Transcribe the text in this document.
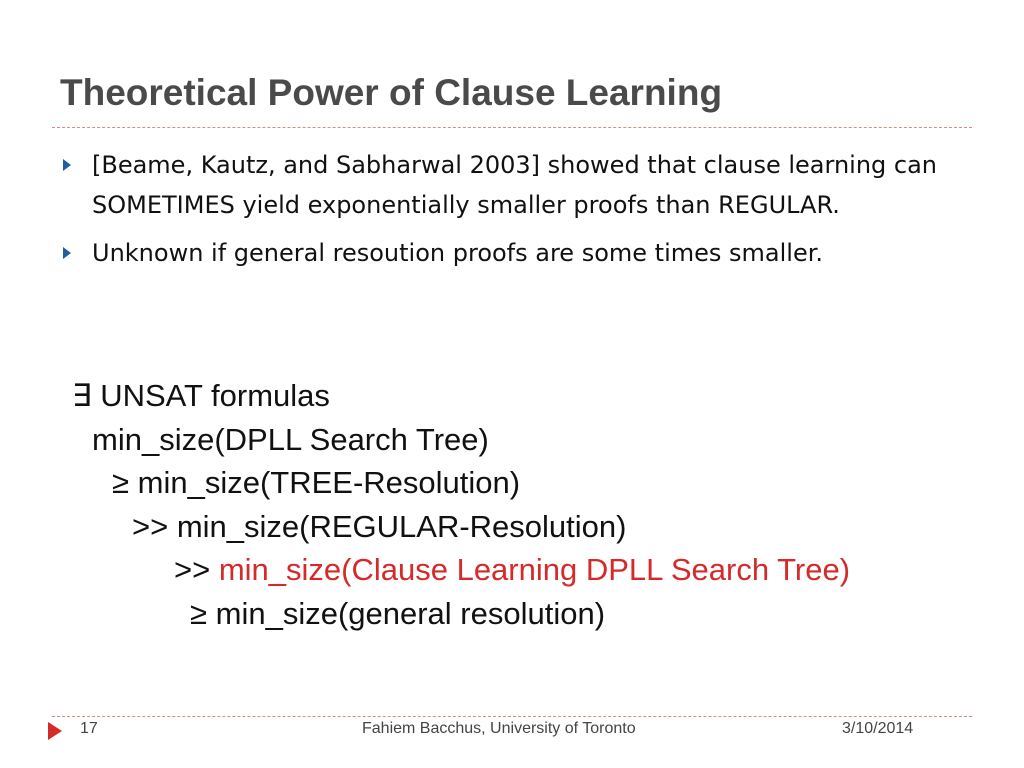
Theoretical Power of Clause Learning
[Beame, Kautz, and Sabharwal 2003] showed that clause learning can SOMETIMES yield exponentially smaller proofs than REGULAR.
Unknown if general resoution proofs are some times smaller.
∃ UNSAT formulas
min_size(DPLL Search Tree)
≥ min_size(TREE-Resolution)
>> min_size(REGULAR-Resolution)
>> min_size(Clause Learning DPLL Search Tree)
≥ min_size(general resolution)
17	Fahiem Bacchus, University of Toronto	3/10/2014
